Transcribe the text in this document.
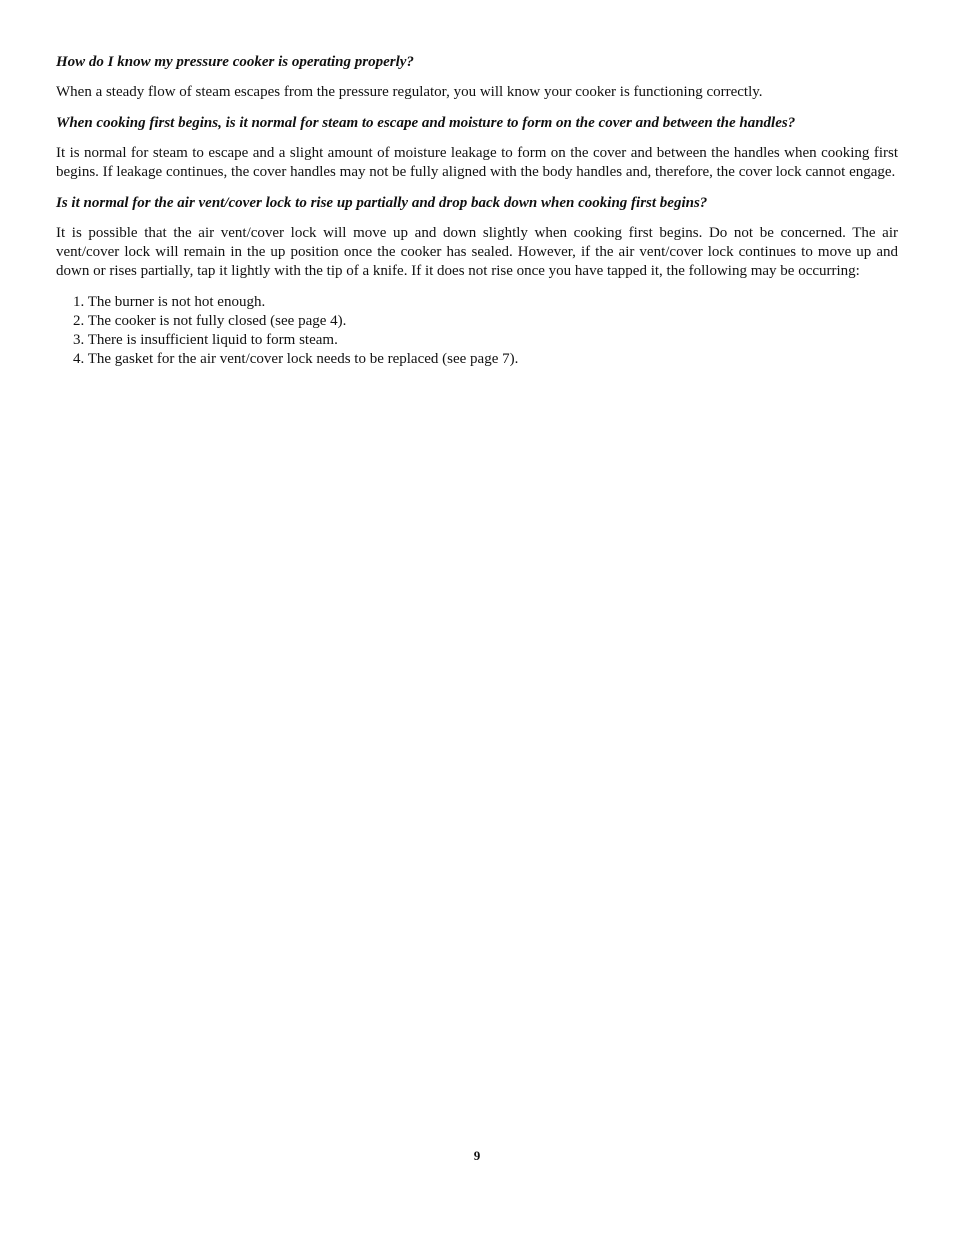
How do I know my pressure cooker is operating properly?

When a steady flow of steam escapes from the pressure regulator, you will know your cooker is functioning correctly.

When cooking first begins, is it normal for steam to escape and moisture to form on the cover and between the handles?

It is normal for steam to escape and a slight amount of moisture leakage to form on the cover and between the handles when cooking first begins. If leakage continues, the cover handles may not be fully aligned with the body handles and, therefore, the cover lock cannot engage.

Is it normal for the air vent/cover lock to rise up partially and drop back down when cooking first begins?

It is possible that the air vent/cover lock will move up and down slightly when cooking first begins. Do not be concerned. The air vent/cover lock will remain in the up position once the cooker has sealed. However, if the air vent/cover lock continues to move up and down or rises partially, tap it lightly with the tip of a knife. If it does not rise once you have tapped it, the following may be occurring:

1. The burner is not hot enough.
2. The cooker is not fully closed (see page 4).
3. There is insufficient liquid to form steam.
4. The gasket for the air vent/cover lock needs to be replaced (see page 7).
9
